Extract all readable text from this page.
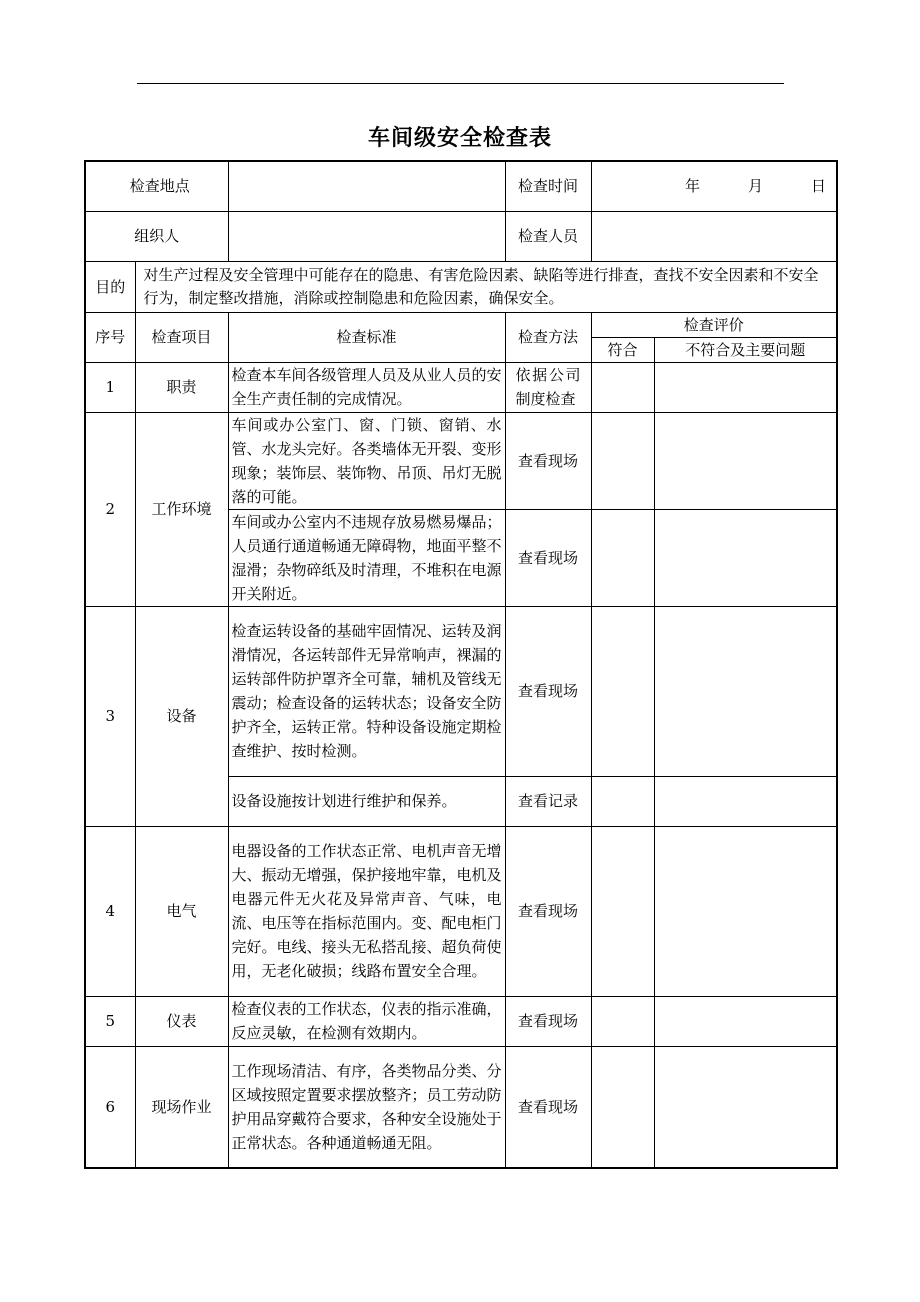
车间级安全检查表
检查地点			检查时间	年 月 日	

组织人			检查人员		
目的	对生产过程及安全管理中可能存在的隐患、有害危险因素、缺陷等进行排查，查找不安全因素和不安全行为，制定整改措施，消除或控制隐患和危险因素，确保安全。				
序号	检查项目	检查标准	检查方法	检查评价	
				符合	不符合及主要问题
1	职责	检查本车间各级管理人员及从业人员的安全生产责任制的完成情况。	依据公司制度检查		
2	工作环境	车间或办公室门、窗、门锁、窗销、水管、水龙头完好。各类墙体无开裂、变形现象；装饰层、装饰物、吊顶、吊灯无脱落的可能。	查看现场		
		车间或办公室内不违规存放易燃易爆品；人员通行通道畅通无障碍物，地面平整不湿滑；杂物碎纸及时清理，不堆积在电源开关附近。	查看现场		
3	设备	检查运转设备的基础牢固情况、运转及润滑情况，各运转部件无异常响声，裸漏的运转部件防护罩齐全可靠，辅机及管线无震动；检查设备的运转状态；设备安全防护齐全，运转正常。特种设备设施定期检查维护、按时检测。	查看现场		
		设备设施按计划进行维护和保养。	查看记录		
4	电气	电器设备的工作状态正常、电机声音无增大、振动无增强，保护接地牢靠，电机及电器元件无火花及异常声音、气味，电流、电压等在指标范围内。变、配电柜门完好。电线、接头无私搭乱接、超负荷使用，无老化破损；线路布置安全合理。	查看现场		
5	仪表	检查仪表的工作状态，仪表的指示准确，反应灵敏，在检测有效期内。	查看现场		
6	现场作业	工作现场清洁、有序，各类物品分类、分区域按照定置要求摆放整齐；员工劳动防护用品穿戴符合要求，各种安全设施处于正常状态。各种通道畅通无阻。	查看现场		
